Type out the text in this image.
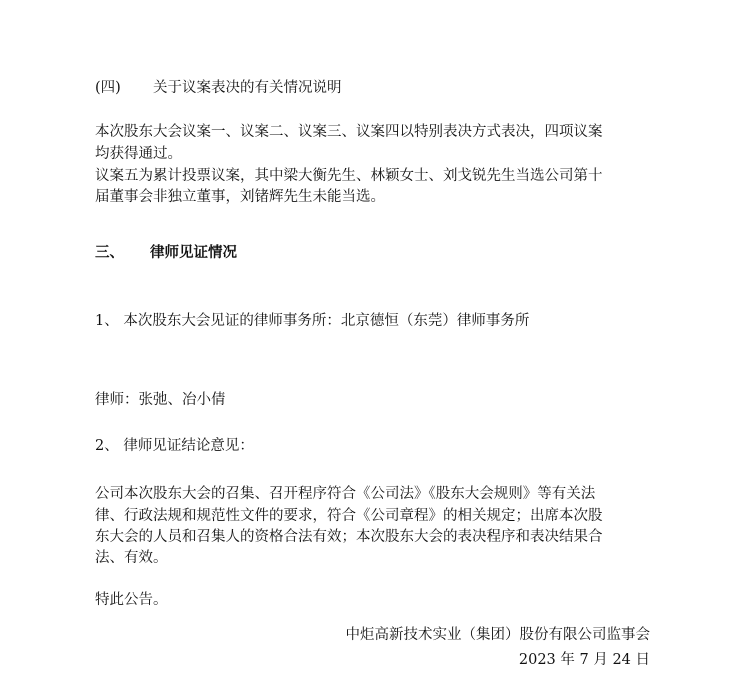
(四) 关于议案表决的有关情况说明
本次股东大会议案一、议案二、议案三、议案四以特别表决方式表决，四项议案
均获得通过。
议案五为累计投票议案，其中梁大衡先生、林颖女士、刘戈锐先生当选公司第十
届董事会非独立董事，刘锗辉先生未能当选。
三、 律师见证情况
1、 本次股东大会见证的律师事务所：北京德恒（东莞）律师事务所
律师：张弛、冶小倩
2、 律师见证结论意见：
公司本次股东大会的召集、召开程序符合《公司法》《股东大会规则》等有关法
律、行政法规和规范性文件的要求，符合《公司章程》的相关规定；出席本次股
东大会的人员和召集人的资格合法有效；本次股东大会的表决程序和表决结果合
法、有效。
特此公告。
中炬高新技术实业（集团）股份有限公司监事会
2023 年 7 月 24 日
